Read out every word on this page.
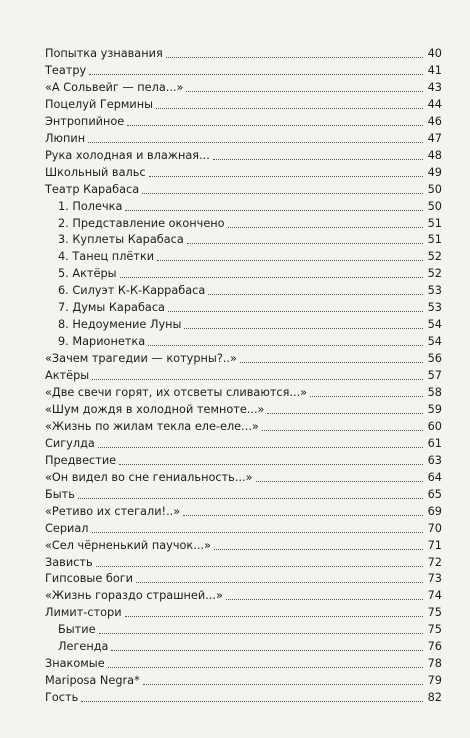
Попытка узнавания	40
Театру	41
«А Сольвейг — пела...»	43
Поцелуй Гермины	44
Энтропийное	46
Люпин	47
Рука холодная и влажная...	48
Школьный вальс	49
Театр Карабаса	50
1. Полечка	50
2. Представление окончено	51
3. Куплеты Карабаса	51
4. Танец плётки	52
5. Актёры	52
6. Силуэт К-К-Каррабаса	53
7. Думы Карабаса	53
8. Недоумение Луны	54
9. Марионетка	54
«Зачем трагедии — котурны?..»	56
Актёры	57
«Две свечи горят, их отсветы сливаются...»	58
«Шум дождя в холодной темноте...»	59
«Жизнь по жилам текла еле-еле...»	60
Сигулда	61
Предвестие	63
«Он видел во сне гениальность...»	64
Быть	65
«Ретиво их стегали!..»	69
Сериал	70
«Сел чёрненький паучок...»	71
Зависть	72
Гипсовые боги	73
«Жизнь гораздо страшней...»	74
Лимит-стори	75
Бытие	75
Легенда	76
Знакомые	78
Mariposa Negra*	79
Гость	82
